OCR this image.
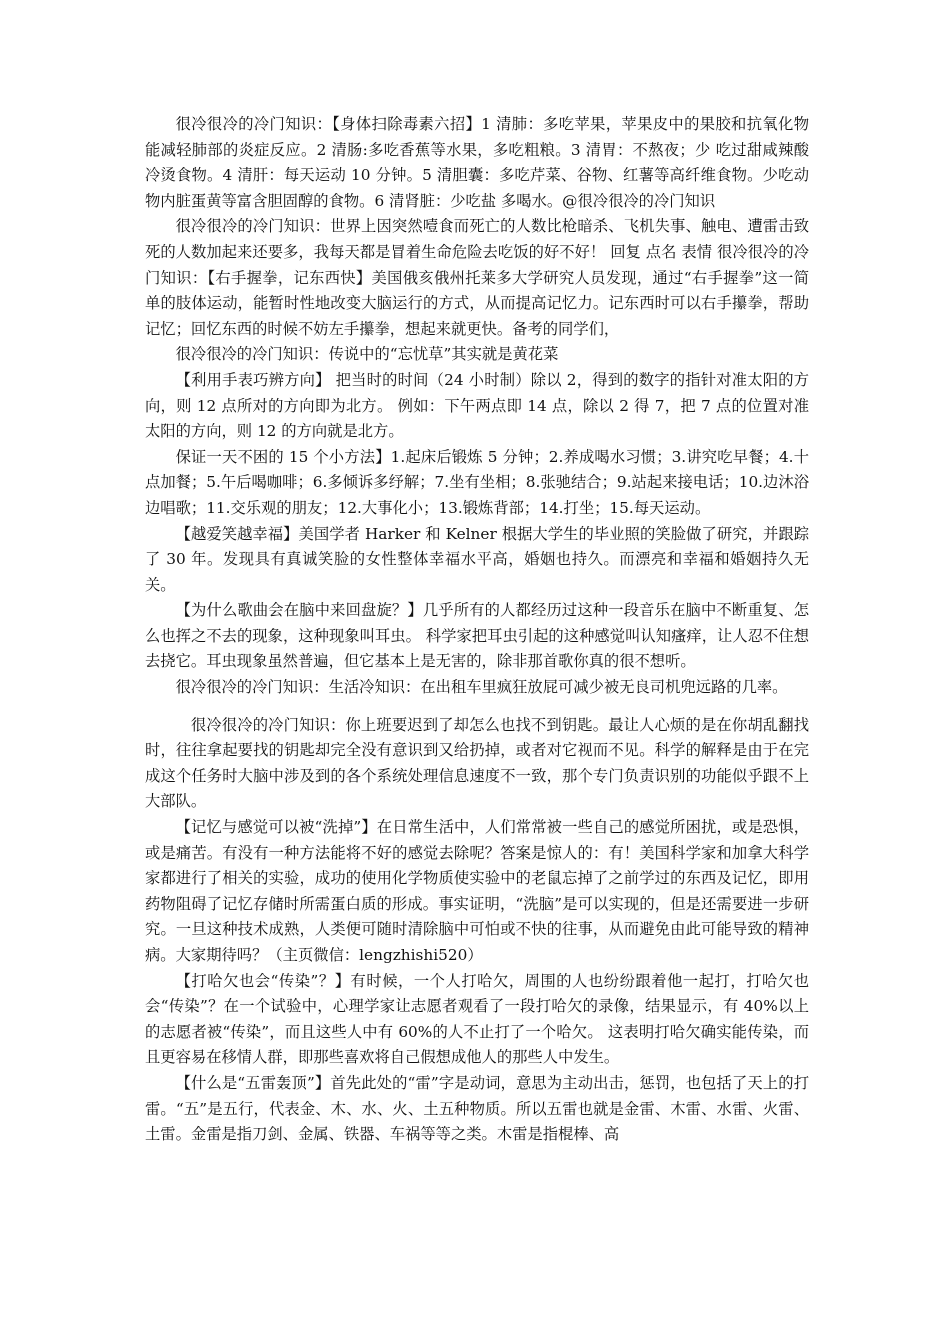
很冷很冷的冷门知识：【身体扫除毒素六招】1 清肺：多吃苹果，苹果皮中的果胶和抗氧化物能减轻肺部的炎症反应。2 清肠:多吃香蕉等水果，多吃粗粮。3 清胃：不熬夜；少 吃过甜咸辣酸冷烫食物。4 清肝：每天运动 10 分钟。5 清胆囊：多吃芹菜、谷物、红薯等高纤维食物。少吃动物内脏蛋黄等富含胆固醇的食物。6 清肾脏：少吃盐 多喝水。@很冷很冷的冷门知识

很冷很冷的冷门知识：世界上因突然噎食而死亡的人数比枪暗杀、飞机失事、触电、遭雷击致死的人数加起来还要多，我每天都是冒着生命危险去吃饭的好不好！ 回复 点名 表情 很冷很冷的冷门知识：【右手握拳，记东西快】美国俄亥俄州托莱多大学研究人员发现，通过“右手握拳”这一简单的肢体运动，能暂时性地改变大脑运行的方式，从而提高记忆力。记东西时可以右手攥拳，帮助记忆；回忆东西的时候不妨左手攥拳，想起来就更快。备考的同学们，

很冷很冷的冷门知识：传说中的“忘忧草”其实就是黄花菜

【利用手表巧辨方向】 把当时的时间（24 小时制）除以 2，得到的数字的指针对准太阳的方向，则 12 点所对的方向即为北方。 例如：下午两点即 14 点，除以 2 得 7，把 7 点的位置对准太阳的方向，则 12 的方向就是北方。

保证一天不困的 15 个小方法】1.起床后锻炼 5 分钟；2.养成喝水习惯；3.讲究吃早餐；4.十点加餐；5.午后喝咖啡；6.多倾诉多纾解；7.坐有坐相；8.张驰结合；9.站起来接电话；10.边沐浴边唱歌；11.交乐观的朋友；12.大事化小；13.锻炼背部；14.打坐；15.每天运动。

【越爱笑越幸福】美国学者 Harker 和 Kelner 根据大学生的毕业照的笑脸做了研究，并跟踪了 30 年。发现具有真诚笑脸的女性整体幸福水平高，婚姻也持久。而漂亮和幸福和婚姻持久无关。

【为什么歌曲会在脑中来回盘旋？】几乎所有的人都经历过这种一段音乐在脑中不断重复、怎么也挥之不去的现象，这种现象叫耳虫。 科学家把耳虫引起的这种感觉叫认知瘙痒，让人忍不住想去挠它。耳虫现象虽然普遍，但它基本上是无害的，除非那首歌你真的很不想听。

很冷很冷的冷门知识：生活冷知识：在出租车里疯狂放屁可减少被无良司机兜远路的几率。

很冷很冷的冷门知识：你上班要迟到了却怎么也找不到钥匙。最让人心烦的是在你胡乱翻找时，往往拿起要找的钥匙却完全没有意识到又给扔掉，或者对它视而不见。科学的解释是由于在完成这个任务时大脑中涉及到的各个系统处理信息速度不一致，那个专门负责识别的功能似乎跟不上大部队。

【记忆与感觉可以被“洗掉”】在日常生活中，人们常常被一些自己的感觉所困扰，或是恐惧，或是痛苦。有没有一种方法能将不好的感觉去除呢？答案是惊人的：有！美国科学家和加拿大科学家都进行了相关的实验，成功的使用化学物质使实验中的老鼠忘掉了之前学过的东西及记忆，即用药物阻碍了记忆存储时所需蛋白质的形成。事实证明，“洗脑”是可以实现的，但是还需要进一步研究。一旦这种技术成熟，人类便可随时清除脑中可怕或不快的往事，从而避免由此可能导致的精神病。大家期待吗？（主页微信：lengzhishi520）

【打哈欠也会“传染”？】有时候，一个人打哈欠，周围的人也纷纷跟着他一起打，打哈欠也会“传染”？在一个试验中，心理学家让志愿者观看了一段打哈欠的录像，结果显示，有 40%以上的志愿者被“传染”，而且这些人中有 60%的人不止打了一个哈欠。 这表明打哈欠确实能传染，而且更容易在移情人群，即那些喜欢将自己假想成他人的那些人中发生。

【什么是“五雷轰顶”】首先此处的“雷”字是动词，意思为主动出击，惩罚，也包括了天上的打雷。“五”是五行，代表金、木、水、火、土五种物质。所以五雷也就是金雷、木雷、水雷、火雷、土雷。金雷是指刀剑、金属、铁器、车祸等等之类。木雷是指棍棒、高
